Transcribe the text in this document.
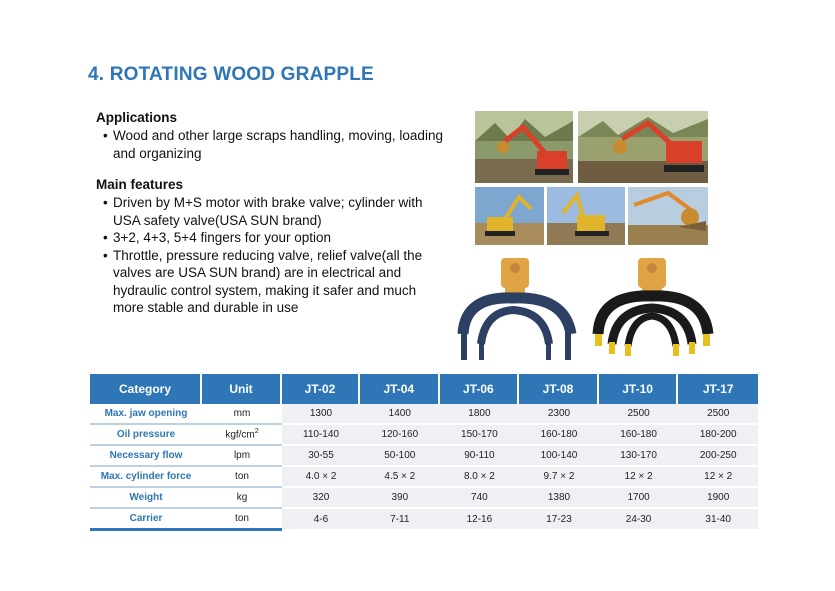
4. ROTATING WOOD GRAPPLE
Applications
• Wood and other large scraps handling, moving, loading and organizing
Main features
• Driven by M+S motor with brake valve; cylinder with USA safety valve(USA SUN brand)
• 3+2, 4+3, 5+4 fingers for your option
• Throttle, pressure reducing valve, relief valve(all the valves are USA SUN brand) are in electrical and hydraulic control system, making it safer and much more stable and durable in use
Category	Unit	JT-02	JT-04	JT-06	JT-08	JT-10	JT-17
Max. jaw opening	mm	1300	1400	1800	2300	2500	2500
Oil pressure	kgf/$cm^2$	110-140	120-160	150-170	160-180	160-180	180-200
Necessary flow	lpm	30-55	50-100	90-110	100-140	130-170	200-250
Max. cylinder force	ton	4.0 × 2	4.5 × 2	8.0 × 2	9.7 × 2	12 × 2	12 × 2
Weight	kg	320	390	740	1380	1700	1900
Carrier	ton	4-6	7-11	12-16	17-23	24-30	31-40
